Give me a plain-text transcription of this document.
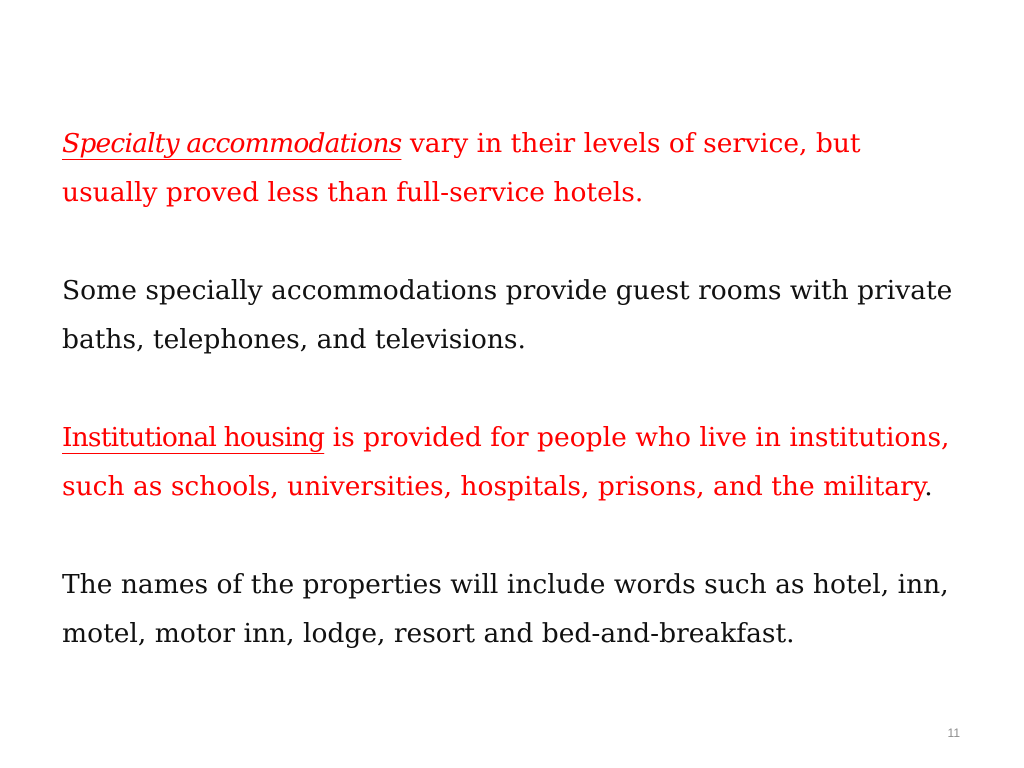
Specialty accommodations vary in their levels of service, but usually proved less than full-service hotels.

Some specially accommodations provide guest rooms with private baths, telephones, and televisions.

Institutional housing is provided for people who live in institutions, such as schools, universities, hospitals, prisons, and the military.

The names of the properties will include words such as hotel, inn, motel, motor inn, lodge, resort and bed-and-breakfast.

11
